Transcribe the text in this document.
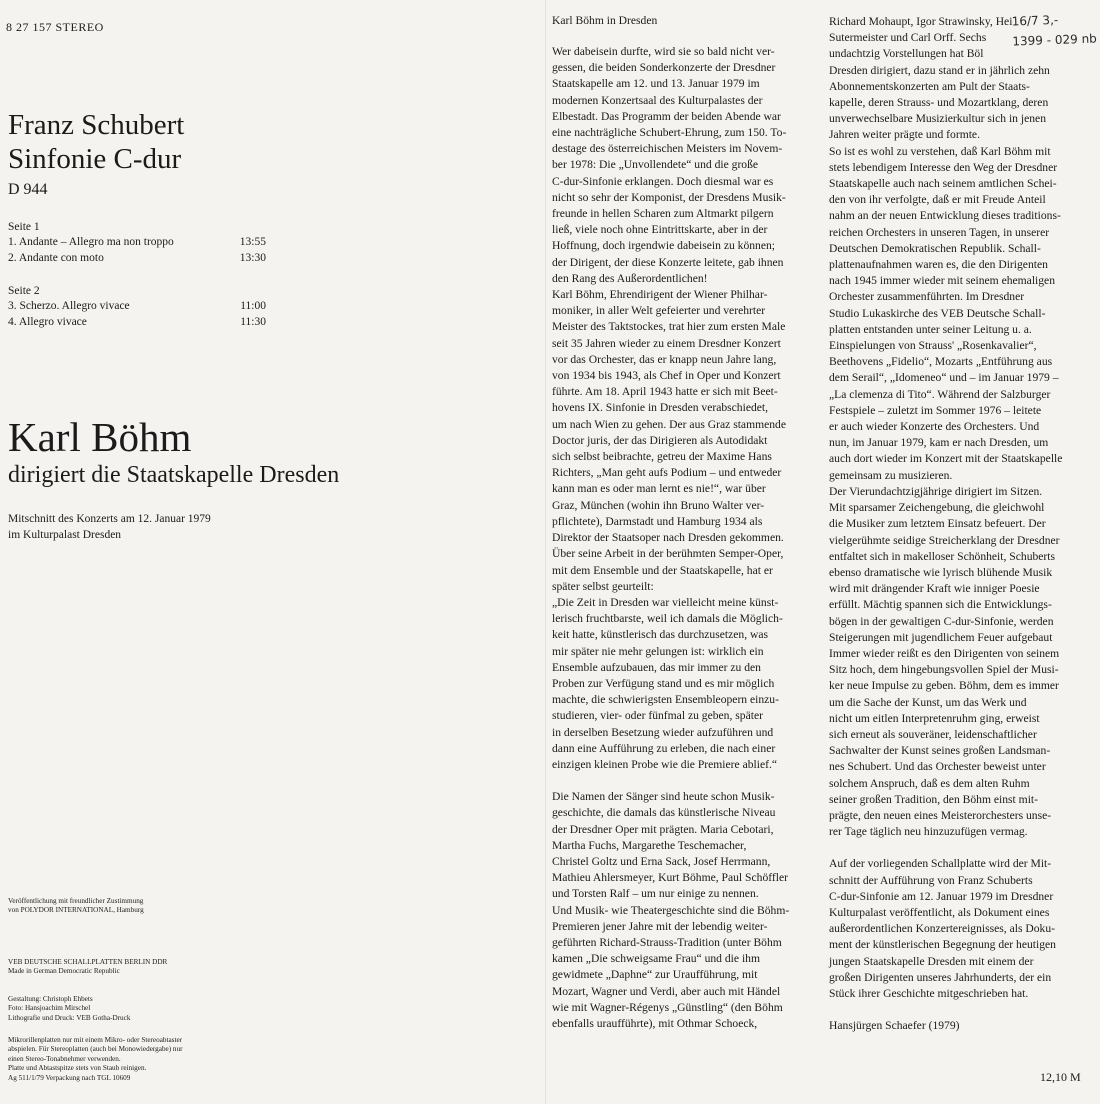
8 27 157 STEREO
Franz Schubert
Sinfonie C-dur
D 944
Seite 1
1. Andante – Allegro ma non troppo	13:55
2. Andante con moto	13:30
Seite 2
3. Scherzo. Allegro vivace	11:00
4. Allegro vivace	11:30
Karl Böhm
dirigiert die Staatskapelle Dresden
Mitschnitt des Konzerts am 12. Januar 1979
im Kulturpalast Dresden
Veröffentlichung mit freundlicher Zustimmung
von POLYDOR INTERNATIONAL, Hamburg
VEB DEUTSCHE SCHALLPLATTEN BERLIN DDR
Made in German Democratic Republic
Gestaltung: Christoph Ehbets
Foto: Hansjoachim Mirschel
Lithografie und Druck: VEB Gotha-Druck
Mikrorillenplatten nur mit einem Mikro- oder Stereoabtaster
abspielen. Für Stereoplatten (auch bei Monowiedergabe) nur
einen Stereo-Tonabnehmer verwenden.
Platte und Abtastspitze stets von Staub reinigen.
Ag 511/1/79 Verpackung nach TGL 10609
Karl Böhm in Dresden
Wer dabeisein durfte, wird sie so bald nicht ver-
gessen, die beiden Sonderkonzerte der Dresdner
Staatskapelle am 12. und 13. Januar 1979 im
modernen Konzertsaal des Kulturpalastes der
Elbestadt. Das Programm der beiden Abende war
eine nachträgliche Schubert-Ehrung, zum 150. To-
destage des österreichischen Meisters im Novem-
ber 1978: Die „Unvollendete“ und die große
C-dur-Sinfonie erklangen. Doch diesmal war es
nicht so sehr der Komponist, der Dresdens Musik-
freunde in hellen Scharen zum Altmarkt pilgern
ließ, viele noch ohne Eintrittskarte, aber in der
Hoffnung, doch irgendwie dabeisein zu können;
der Dirigent, der diese Konzerte leitete, gab ihnen
den Rang des Außerordentlichen!
Karl Böhm, Ehrendirigent der Wiener Philhar-
moniker, in aller Welt gefeierter und verehrter
Meister des Taktstockes, trat hier zum ersten Male
seit 35 Jahren wieder zu einem Dresdner Konzert
vor das Orchester, das er knapp neun Jahre lang,
von 1934 bis 1943, als Chef in Oper und Konzert
führte. Am 18. April 1943 hatte er sich mit Beet-
hovens IX. Sinfonie in Dresden verabschiedet,
um nach Wien zu gehen. Der aus Graz stammende
Doctor juris, der das Dirigieren als Autodidakt
sich selbst beibrachte, getreu der Maxime Hans
Richters, „Man geht aufs Podium – und entweder
kann man es oder man lernt es nie!“, war über
Graz, München (wohin ihn Bruno Walter ver-
pflichtete), Darmstadt und Hamburg 1934 als
Direktor der Staatsoper nach Dresden gekommen.
Über seine Arbeit in der berühmten Semper-Oper,
mit dem Ensemble und der Staatskapelle, hat er
später selbst geurteilt:
„Die Zeit in Dresden war vielleicht meine künst-
lerisch fruchtbarste, weil ich damals die Möglich-
keit hatte, künstlerisch das durchzusetzen, was
mir später nie mehr gelungen ist: wirklich ein
Ensemble aufzubauen, das mir immer zu den
Proben zur Verfügung stand und es mir möglich
machte, die schwierigsten Ensembleopern einzu-
studieren, vier- oder fünfmal zu geben, später
in derselben Besetzung wieder aufzuführen und
dann eine Aufführung zu erleben, die nach einer
einzigen kleinen Probe wie die Premiere ablief.“
Die Namen der Sänger sind heute schon Musik-
geschichte, die damals das künstlerische Niveau
der Dresdner Oper mit prägten. Maria Cebotari,
Martha Fuchs, Margarethe Teschemacher,
Christel Goltz und Erna Sack, Josef Herrmann,
Mathieu Ahlersmeyer, Kurt Böhme, Paul Schöffler
und Torsten Ralf – um nur einige zu nennen.
Und Musik- wie Theatergeschichte sind die Böhm-
Premieren jener Jahre mit der lebendig weiter-
geführten Richard-Strauss-Tradition (unter Böhm
kamen „Die schweigsame Frau“ und die ihm
gewidmete „Daphne“ zur Uraufführung, mit
Mozart, Wagner und Verdi, aber auch mit Händel
wie mit Wagner-Régenys „Günstling“ (den Böhm
ebenfalls uraufführte), mit Othmar Schoeck,
Richard Mohaupt, Igor Strawinsky, Hei
Sutermeister und Carl Orff. Sechs
undachtzig Vorstellungen hat Böl
Dresden dirigiert, dazu stand er in jährlich zehn
Abonnementskonzerten am Pult der Staats-
kapelle, deren Strauss- und Mozartklang, deren
unverwechselbare Musizierkultur sich in jenen
Jahren weiter prägte und formte.
So ist es wohl zu verstehen, daß Karl Böhm mit
stets lebendigem Interesse den Weg der Dresdner
Staatskapelle auch nach seinem amtlichen Schei-
den von ihr verfolgte, daß er mit Freude Anteil
nahm an der neuen Entwicklung dieses traditions-
reichen Orchesters in unseren Tagen, in unserer
Deutschen Demokratischen Republik. Schall-
plattenaufnahmen waren es, die den Dirigenten
nach 1945 immer wieder mit seinem ehemaligen
Orchester zusammenführten. Im Dresdner
Studio Lukaskirche des VEB Deutsche Schall-
platten entstanden unter seiner Leitung u. a.
Einspielungen von Strauss' „Rosenkavalier“,
Beethovens „Fidelio“, Mozarts „Entführung aus
dem Serail“, „Idomeneo“ und – im Januar 1979 –
„La clemenza di Tito“. Während der Salzburger
Festspiele – zuletzt im Sommer 1976 – leitete
er auch wieder Konzerte des Orchesters. Und
nun, im Januar 1979, kam er nach Dresden, um
auch dort wieder im Konzert mit der Staatskapelle
gemeinsam zu musizieren.
Der Vierundachtzigjährige dirigiert im Sitzen.
Mit sparsamer Zeichengebung, die gleichwohl
die Musiker zum letztem Einsatz befeuert. Der
vielgerühmte seidige Streicherklang der Dresdner
entfaltet sich in makelloser Schönheit, Schuberts
ebenso dramatische wie lyrisch blühende Musik
wird mit drängender Kraft wie inniger Poesie
erfüllt. Mächtig spannen sich die Entwicklungs-
bögen in der gewaltigen C-dur-Sinfonie, werden
Steigerungen mit jugendlichem Feuer aufgebaut
Immer wieder reißt es den Dirigenten von seinem
Sitz hoch, dem hingebungsvollen Spiel der Musi-
ker neue Impulse zu geben. Böhm, dem es immer
um die Sache der Kunst, um das Werk und
nicht um eitlen Interpretenruhm ging, erweist
sich erneut als souveräner, leidenschaftlicher
Sachwalter der Kunst seines großen Landsman-
nes Schubert. Und das Orchester beweist unter
solchem Anspruch, daß es dem alten Ruhm
seiner großen Tradition, den Böhm einst mit-
prägte, den neuen eines Meisterorchesters unse-
rer Tage täglich neu hinzuzufügen vermag.
Auf der vorliegenden Schallplatte wird der Mit-
schnitt der Aufführung von Franz Schuberts
C-dur-Sinfonie am 12. Januar 1979 im Dresdner
Kulturpalast veröffentlicht, als Dokument eines
außerordentlichen Konzertereignisses, als Doku-
ment der künstlerischen Begegnung der heutigen
jungen Staatskapelle Dresden mit einem der
großen Dirigenten unseres Jahrhunderts, der ein
Stück ihrer Geschichte mitgeschrieben hat.
Hansjürgen Schaefer (1979)
16/7 3,-
1399 - 029 nb
12,10 M
